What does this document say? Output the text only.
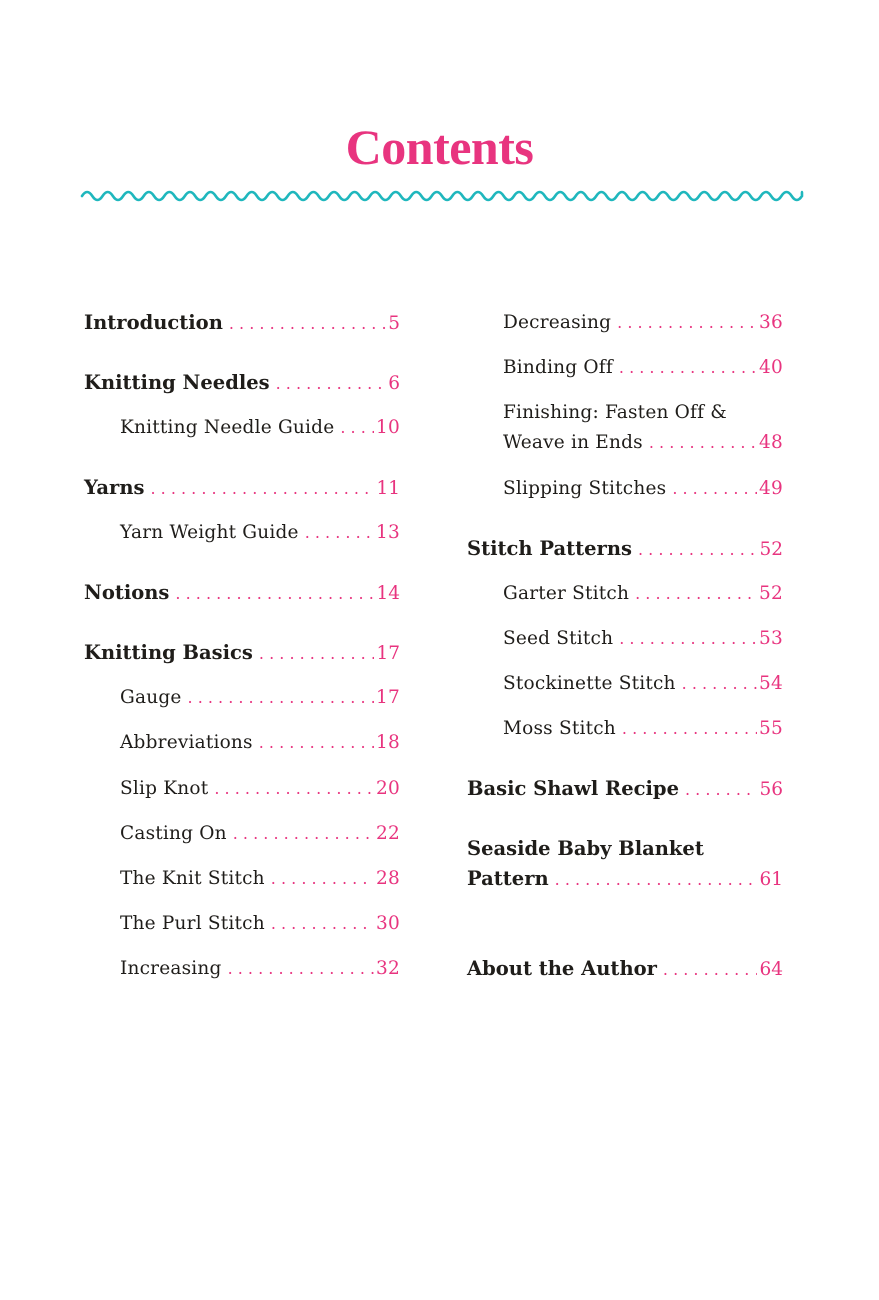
Contents
Introduction . . .	5
Knitting Needles . . .	6
Knitting Needle Guide . . . 10
Yarns . . .	11
Yarn Weight Guide . . .	13
Notions . . .	14
Knitting Basics . . .	17
Gauge . . .	17
Abbreviations . . .	18
Slip Knot . . .	20
Casting On . . .	22
The Knit Stitch . . .	28
The Purl Stitch . . .	30
Increasing . . .	32
Decreasing . . .	36
Binding Off . . .	40
Finishing: Fasten Off &
Weave in Ends . . .	48
Slipping Stitches . . .	49
Stitch Patterns . . .	52
Garter Stitch . . .	52
Seed Stitch . . .	53
Stockinette Stitch . . .	54
Moss Stitch . . .	55
Basic Shawl Recipe . . .	56
Seaside Baby Blanket
Pattern . . .	61
About the Author . . .	64
